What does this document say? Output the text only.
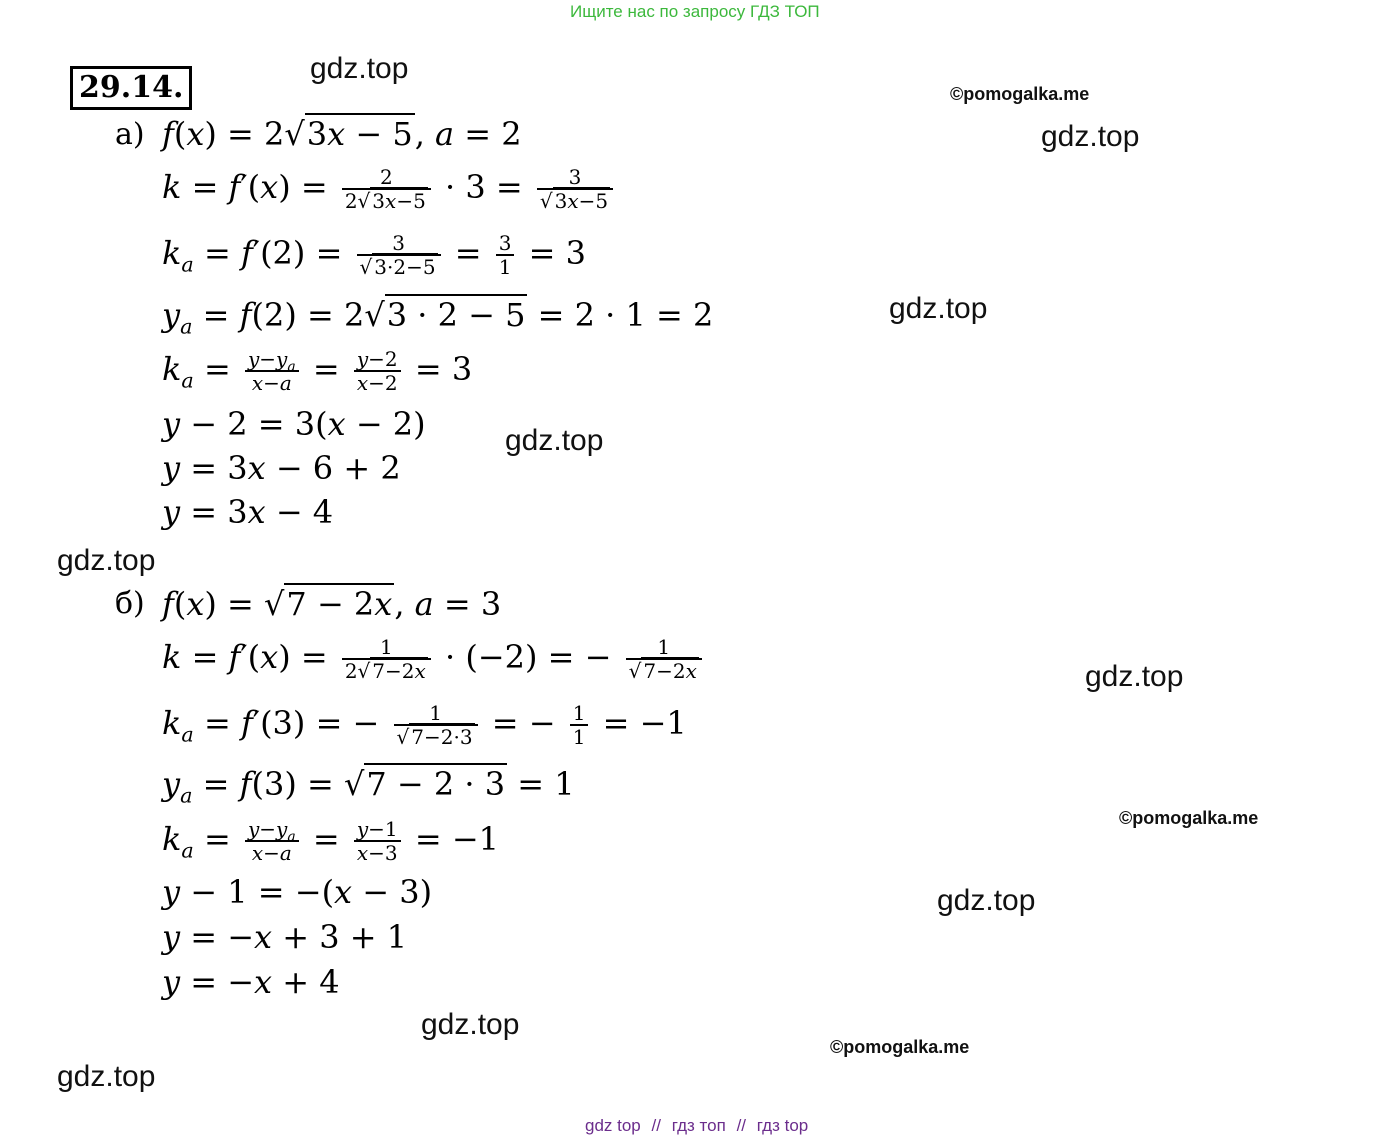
Ищите нас по запросу ГДЗ ТОП
29.14.
gdz.top
©pomogalka.me
gdz.top
gdz.top
gdz.top
gdz.top
gdz.top
©pomogalka.me
gdz.top
gdz.top
©pomogalka.me
gdz.top
а) f(x) = 2√3x − 5, a = 2
$k = f'(x) = \frac{2}{2√ 3x-5} \cdot 3 = \frac{3}{√ 3x-5}$
$k_a = f'(2) = \frac{3}{√ 3\cdot 2-5} = \frac{3}{1} = 3$
$y_a = f(2) = 2√3 \cdot 2 - 5 = 2 \cdot 1 = 2$
$k_a = \frac{y-y_a}{x-a} = \frac{y-2}{x-2} = 3$
y − 2 = 3(x − 2)
y = 3x − 6 + 2
y = 3x − 4
б) f(x) = √7 − 2x, a = 3
$k = f'(x) = \frac{1}{2√ 7-2x} \cdot (-2)$ = − $\frac{1}{√ 7-2x}$
$k_a = f'(3)$ = − $\frac{1}{√ 7-2\cdot 3}$ = − $\frac{1}{1} = -1$
$y_a = f(3) = √7 - 2 \cdot 3 = 1$
$k_a = \frac{y-y_a}{x-a} = \frac{y-1}{x-3} = -1$
y − 1 = −(x − 3)
y = −x + 3 + 1
y = −x + 4
gdz top // гдз топ // гдз top
